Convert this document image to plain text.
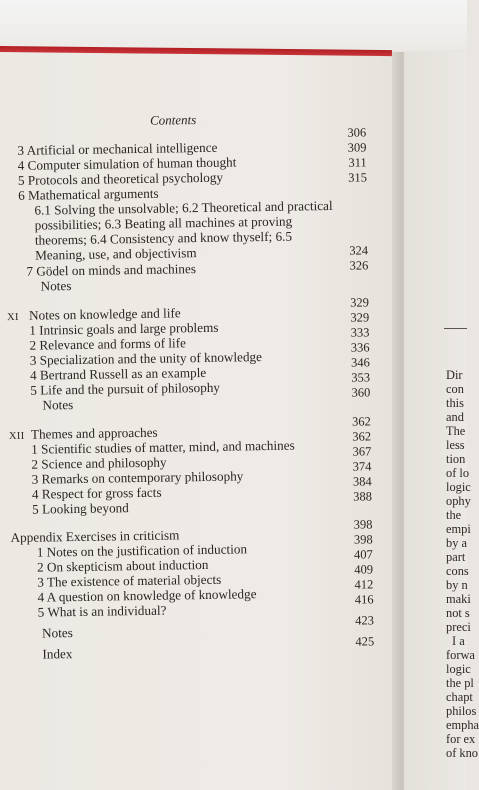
Contents
3 Artificial or mechanical intelligence
306
4 Computer simulation of human thought
309
5 Protocols and theoretical psychology
311
6 Mathematical arguments
315
6.1 Solving the unsolvable; 6.2 Theoretical and practical
possibilities; 6.3 Beating all machines at proving
theorems; 6.4 Consistency and know thyself; 6.5
Meaning, use, and objectivism	324
7 Gödel on minds and machines	326
Notes
XI Notes on knowledge and life
329
1 Intrinsic goals and large problems
329
2 Relevance and forms of life
333
3 Specialization and the unity of knowledge
336
4 Bertrand Russell as an example
346
5 Life and the pursuit of philosophy
353
Notes
360
XII Themes and approaches
362
1 Scientific studies of matter, mind, and machines
362
2 Science and philosophy
367
3 Remarks on contemporary philosophy
374
4 Respect for gross facts
384
5 Looking beyond
388
Appendix Exercises in criticism
398
1 Notes on the justification of induction
398
2 On skepticism about induction
407
3 The existence of material objects
409
4 A question on knowledge of knowledge
412
5 What is an individual?
416
Notes
423
Index
425
Dir
con
this
and
The
less
tion
of lo
logic
ophy
the
empi
by a
part
cons
by n
maki
not s
preci
I a
forwa
logic
the pl
chapt
philos
empha
for ex
of kno
